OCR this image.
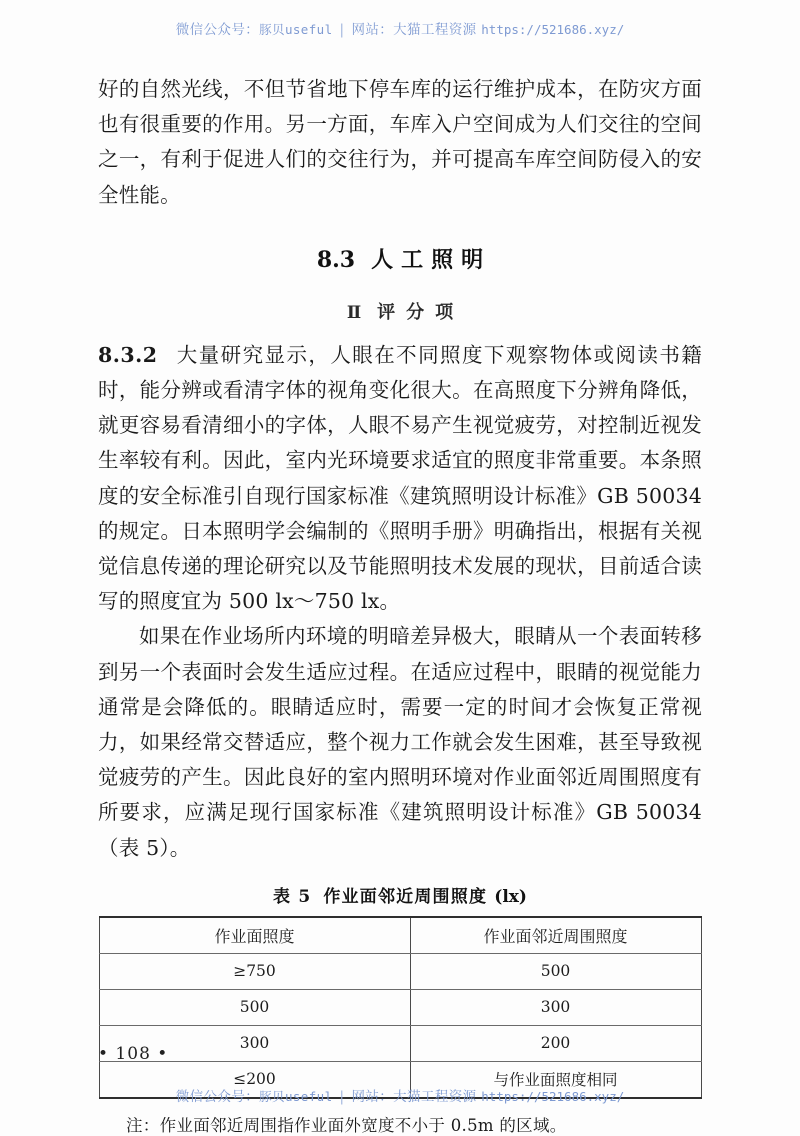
微信公众号：豚贝useful | 网站：大猫工程资源 https://521686.xyz/

好的自然光线，不但节省地下停车库的运行维护成本，在防灾方面也有很重要的作用。另一方面，车库入户空间成为人们交往的空间之一，有利于促进人们的交往行为，并可提高车库空间防侵入的安全性能。

8.3 人工照明
Ⅱ 评分项

8.3.2 大量研究显示，人眼在不同照度下观察物体或阅读书籍时，能分辨或看清字体的视角变化很大。在高照度下分辨角降低，就更容易看清细小的字体，人眼不易产生视觉疲劳，对控制近视发生率较有利。因此，室内光环境要求适宜的照度非常重要。本条照度的安全标准引自现行国家标准《建筑照明设计标准》GB 50034 的规定。日本照明学会编制的《照明手册》明确指出，根据有关视觉信息传递的理论研究以及节能照明技术发展的现状，目前适合读写的照度宜为 500 lx～750 lx。

如果在作业场所内环境的明暗差异极大，眼睛从一个表面转移到另一个表面时会发生适应过程。在适应过程中，眼睛的视觉能力通常是会降低的。眼睛适应时，需要一定的时间才会恢复正常视力，如果经常交替适应，整个视力工作就会发生困难，甚至导致视觉疲劳的产生。因此良好的室内照明环境对作业面邻近周围照度有所要求，应满足现行国家标准《建筑照明设计标准》GB 50034（表 5）。

表 5 作业面邻近周围照度 (lx)

作业面照度	作业面邻近周围照度
≥750	500
500	300
300	200
≤200	与作业面照度相同

注：作业面邻近周围指作业面外宽度不小于 0.5m 的区域。

• 108 •
微信公众号：豚贝useful | 网站：大猫工程资源 https://521686.xyz/
